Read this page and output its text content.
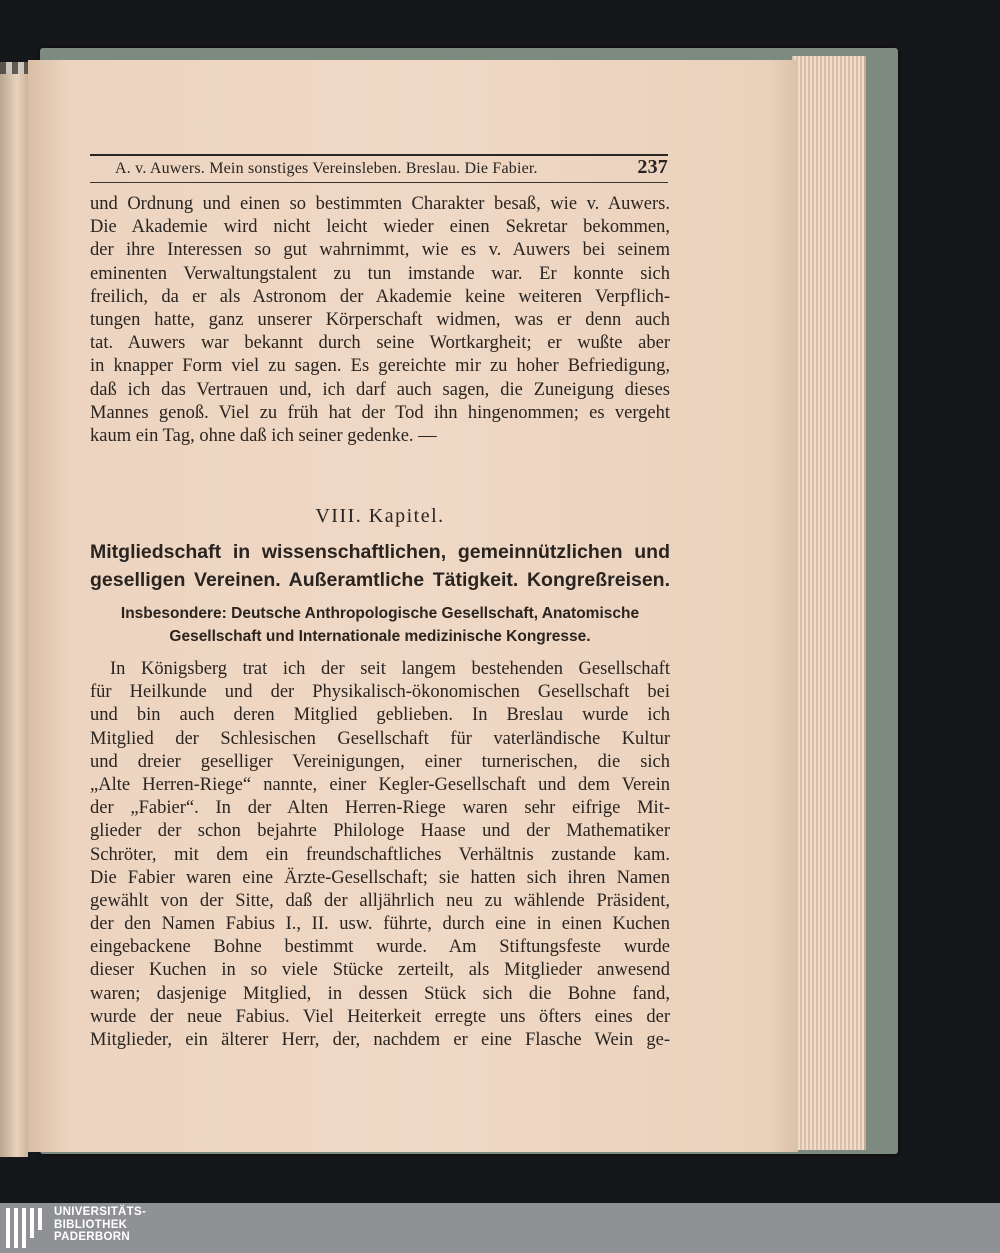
A. v. Auwers. Mein sonstiges Vereinsleben. Breslau. Die Fabier.	237
und Ordnung und einen so bestimmten Charakter besaß, wie v. Auwers.
Die Akademie wird nicht leicht wieder einen Sekretar bekommen,
der ihre Interessen so gut wahrnimmt, wie es v. Auwers bei seinem
eminenten Verwaltungstalent zu tun imstande war. Er konnte sich
freilich, da er als Astronom der Akademie keine weiteren Verpflich-
tungen hatte, ganz unserer Körperschaft widmen, was er denn auch
tat. Auwers war bekannt durch seine Wortkargheit; er wußte aber
in knapper Form viel zu sagen. Es gereichte mir zu hoher Befriedigung,
daß ich das Vertrauen und, ich darf auch sagen, die Zuneigung dieses
Mannes genoß. Viel zu früh hat der Tod ihn hingenommen; es vergeht
kaum ein Tag, ohne daß ich seiner gedenke. —
VIII. Kapitel.
Mitgliedschaft in wissenschaftlichen, gemeinnützlichen und
geselligen Vereinen. Außeramtliche Tätigkeit. Kongreßreisen.
Insbesondere: Deutsche Anthropologische Gesellschaft, Anatomische
Gesellschaft und Internationale medizinische Kongresse.
In Königsberg trat ich der seit langem bestehenden Gesellschaft
für Heilkunde und der Physikalisch-ökonomischen Gesellschaft bei
und bin auch deren Mitglied geblieben. In Breslau wurde ich
Mitglied der Schlesischen Gesellschaft für vaterländische Kultur
und dreier geselliger Vereinigungen, einer turnerischen, die sich
„Alte Herren-Riege“ nannte, einer Kegler-Gesellschaft und dem Verein
der „Fabier“. In der Alten Herren-Riege waren sehr eifrige Mit-
glieder der schon bejahrte Philologe Haase und der Mathematiker
Schröter, mit dem ein freundschaftliches Verhältnis zustande kam.
Die Fabier waren eine Ärzte-Gesellschaft; sie hatten sich ihren Namen
gewählt von der Sitte, daß der alljährlich neu zu wählende Präsident,
der den Namen Fabius I., II. usw. führte, durch eine in einen Kuchen
eingebackene Bohne bestimmt wurde. Am Stiftungsfeste wurde
dieser Kuchen in so viele Stücke zerteilt, als Mitglieder anwesend
waren; dasjenige Mitglied, in dessen Stück sich die Bohne fand,
wurde der neue Fabius. Viel Heiterkeit erregte uns öfters eines der
Mitglieder, ein älterer Herr, der, nachdem er eine Flasche Wein ge-
UNIVERSITÄTS-
BIBLIOTHEK
PADERBORN
